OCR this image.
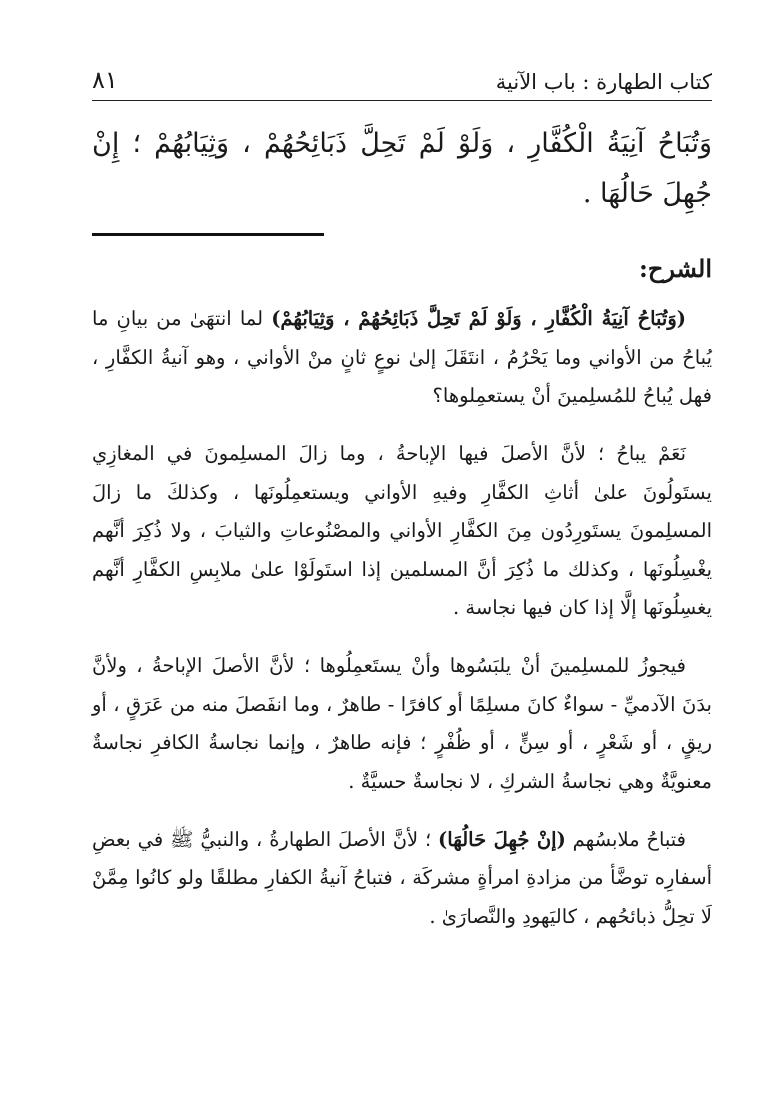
كتاب الطهارة : باب الآنية
٨١
وَتُبَاحُ آنِيَةُ الْكُفَّارِ ، وَلَوْ لَمْ تَحِلَّ ذَبَائِحُهُمْ ، وَثِيَابُهُمْ ؛ إِنْ جُهِلَ حَالُهَا .
الشرح:

(وَتُبَاحُ آنِيَةُ الْكُفَّارِ ، وَلَوْ لَمْ تَحِلَّ ذَبَائِحُهُمْ ، وَثِيَابُهُمْ) لما انتهَىٰ من بيانِ ما يُباحُ من الأواني وما يَحْرُمُ ، انتَقَلَ إلىٰ نوعٍ ثانٍ منْ الأواني ، وهو آنيةُ الكفَّارِ ، فهل يُباحُ للمُسلِمينَ أنْ يستعمِلوها؟

نَعَمْ يباحُ ؛ لأنَّ الأصلَ فيها الإباحةُ ، وما زالَ المسلِمونَ في المغازِي يستَولُونَ علىٰ أثاثِ الكفَّارِ وفيهِ الأواني ويستعمِلُونَها ، وكذلكَ ما زالَ المسلِمونَ يستَورِدُون مِنَ الكفَّارِ الأواني والمصْنُوعاتِ والثيابَ ، ولا ذُكِرَ أنَّهم يغْسِلُونَها ، وكذلك ما ذُكِرَ أنَّ المسلمين إذا استَولَوْا علىٰ ملابِسِ الكفَّارِ أنَّهم يغسِلُونَها إلَّا إذا كان فيها نجاسة .

فيجوزُ للمسلِمينَ أنْ يلبَسُوها وأنْ يستَعمِلُوها ؛ لأنَّ الأصلَ الإباحةُ ، ولأنَّ بدَنَ الآدميِّ - سواءٌ كانَ مسلِمًا أو كافرًا - طاهرٌ ، وما انفَصلَ منه من عَرَقٍ ، أو ريقٍ ، أو شَعْرٍ ، أو سِنٍّ ، أو ظُفْرٍ ؛ فإنه طاهرٌ ، وإنما نجاسةُ الكافرِ نجاسةٌ معنويَّةٌ وهي نجاسةُ الشركِ ، لا نجاسةٌ حسيَّةٌ .

فتباحُ ملابسُهم (إنْ جُهِلَ حَالُهَا) ؛ لأنَّ الأصلَ الطهارةُ ، والنبيُّ ﷺ في بعضِ أسفارِه توضَّأ من مزادةِ امرأةٍ مشركَة ، فتباحُ آنيةُ الكفارِ مطلقًا ولو كانُوا مِمَّنْ لَا تحِلُّ ذبائحُهم ، كاليَهودِ والنَّصارَىٰ .
